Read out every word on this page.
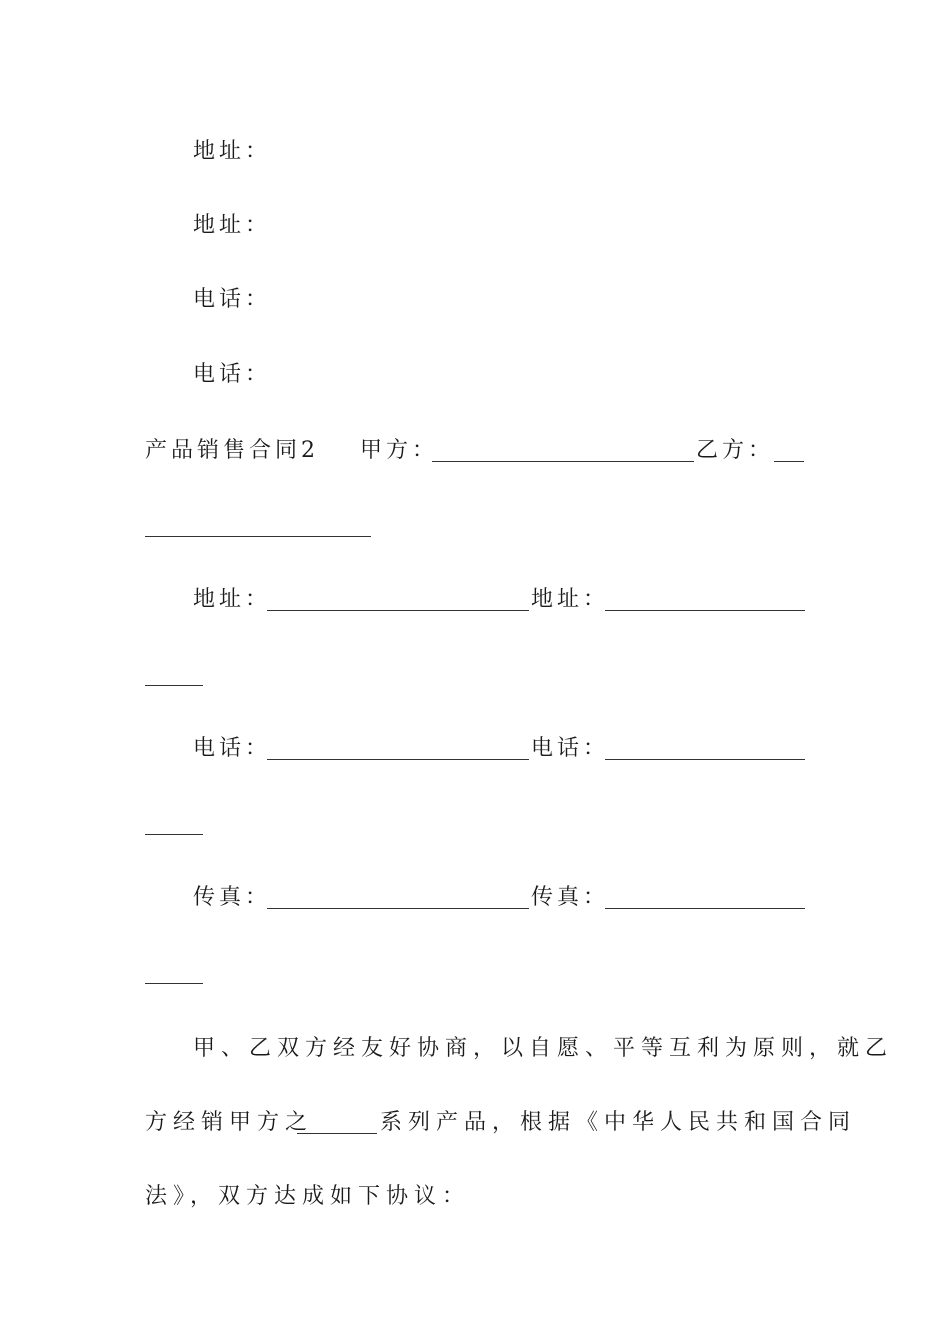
地址：
地址：
电话：
电话：
产品销售合同2 甲方：	乙方：
地址：	地址：
电话：	电话：
传真：	传真：
甲、乙双方经友好协商，以自愿、平等互利为原则，就乙
方经销甲方之	系列产品，根据《中华人民共和国合同
法》，双方达成如下协议：
